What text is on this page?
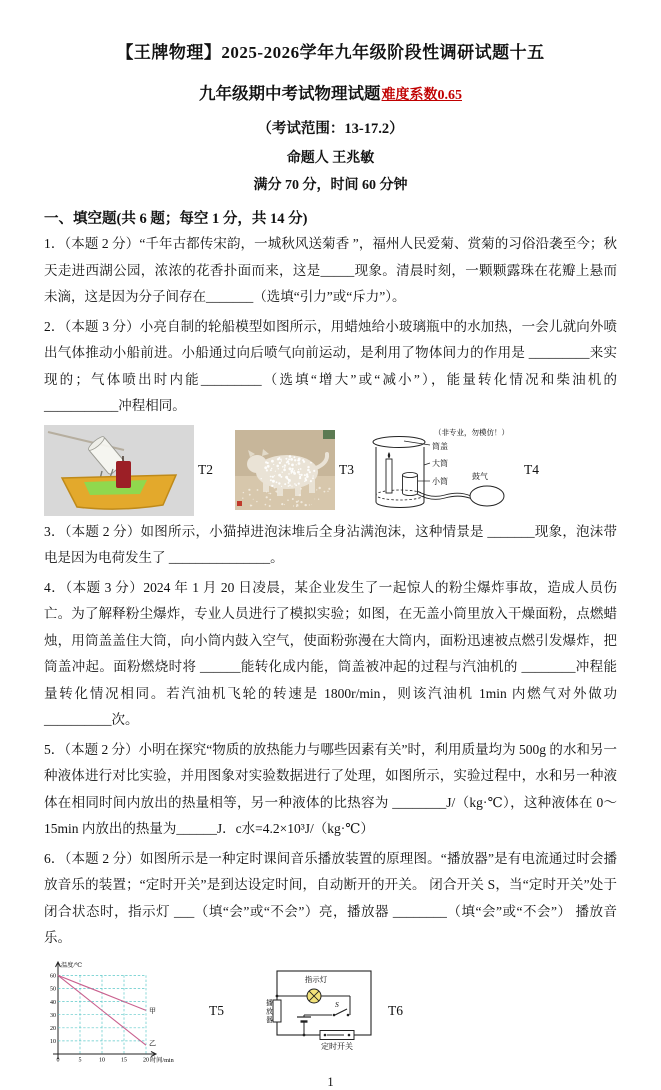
【王牌物理】2025-2026学年九年级阶段性调研试题十五
九年级期中考试物理试题难度系数0.65
（考试范围：13-17.2）
命题人 王兆敏
满分 70 分，时间 60 分钟
一、填空题(共 6 题；每空 1 分，共 14 分)

1．（本题 2 分）“千年古都传宋韵，一城秋风送菊香 ”，福州人民爱菊、赏菊的习俗沿袭至今；秋天走进西湖公园，浓浓的花香扑面而来，这是_____现象。清晨时刻，一颗颗露珠在花瓣上悬而未滴，这是因为分子间存在_______（选填“引力”或“斥力”）。

2．（本题 3 分）小亮自制的轮船模型如图所示，用蜡烛给小玻璃瓶中的水加热，一会儿就向外喷出气体推动小船前进。小船通过向后喷气向前运动，是利用了物体间力的作用是 _________来实现的；气体喷出时内能_________（选填“增大”或“减小”），能量转化情况和柴油机的 ___________冲程相同。

T2	T3
（非专业，勿模仿！）
筒盖
大筒
小筒
鼓气	T4

3．（本题 2 分）如图所示，小猫掉进泡沫堆后全身沾满泡沫，这种情景是 _______现象，泡沫带电是因为电荷发生了 _______________。

4．（本题 3 分）2024 年 1 月 20 日凌晨，某企业发生了一起惊人的粉尘爆炸事故，造成人员伤亡。为了解释粉尘爆炸，专业人员进行了模拟实验；如图，在无盖小筒里放入干燥面粉，点燃蜡烛，用筒盖盖住大筒，向小筒内鼓入空气，使面粉弥漫在大筒内，面粉迅速被点燃引发爆炸，把筒盖冲起。面粉燃烧时将 ______能转化成内能，筒盖被冲起的过程与汽油机的 ________冲程能量转化情况相同。若汽油机飞轮的转速是 1800r/min，则该汽油机 1min 内燃气对外做功 __________次。

5．（本题 2 分）小明在探究“物质的放热能力与哪些因素有关”时，利用质量均为 500g 的水和另一种液体进行对比实验，并用图象对实验数据进行了处理，如图所示，实验过程中，水和另一种液体在相同时间内放出的热量相等，另一种液体的比热容为 ________J/（kg·℃），这种液体在 0～15min 内放出的热量为______J．c水=4.2×10³J/（kg·℃）

6．（本题 2 分）如图所示是一种定时课间音乐播放装置的原理图。“播放器”是有电流通过时会播放音乐的装置；“定时开关”是到达设定时间，自动断开的开关。 闭合开关 S，当“定时开关”处于闭合状态时，指示灯 ___（填“会”或“不会”）亮，播放器 ________（填“会”或“不会”） 播放音乐。

10
20
30
40
50
60
0	5	10	15	20
甲
乙
温度/℃
时间/min
T5
指示灯
S
定时开关
播放器
T6
1
